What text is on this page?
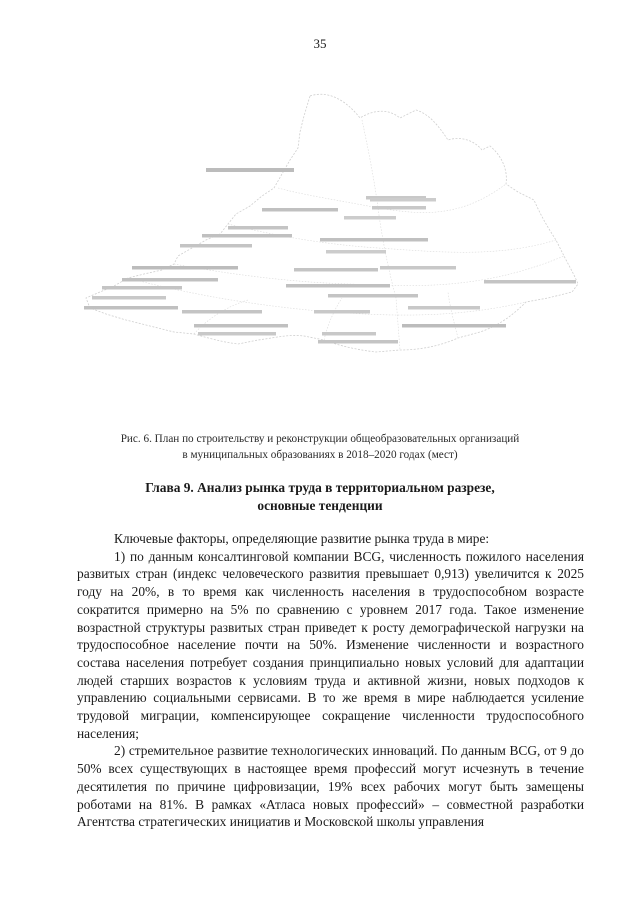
35
Рис. 6. План по строительству и реконструкции общеобразовательных организаций
в муниципальных образованиях в 2018–2020 годах (мест)
Глава 9. Анализ рынка труда в территориальном разрезе,
основные тенденции

Ключевые факторы, определяющие развитие рынка труда в мире:

1) по данным консалтинговой компании BCG, численность пожилого населения развитых стран (индекс человеческого развития превышает 0,913) увеличится к 2025 году на 20%, в то время как численность населения в трудоспособном возрасте сократится примерно на 5% по сравнению с уровнем 2017 года. Такое изменение возрастной структуры развитых стран приведет к росту демографической нагрузки на трудоспособное население почти на 50%. Изменение численности и возрастного состава населения потребует создания принципиально новых условий для адаптации людей старших возрастов к условиям труда и активной жизни, новых подходов к управлению социальными сервисами. В то же время в мире наблюдается усиление трудовой миграции, компенсирующее сокращение численности трудоспособного населения;

2) стремительное развитие технологических инноваций. По данным BCG, от 9 до 50% всех существующих в настоящее время профессий могут исчезнуть в течение десятилетия по причине цифровизации, 19% всех рабочих могут быть замещены роботами на 81%. В рамках «Атласа новых профессий» – совместной разработки Агентства стратегических инициатив и Московской школы управления
